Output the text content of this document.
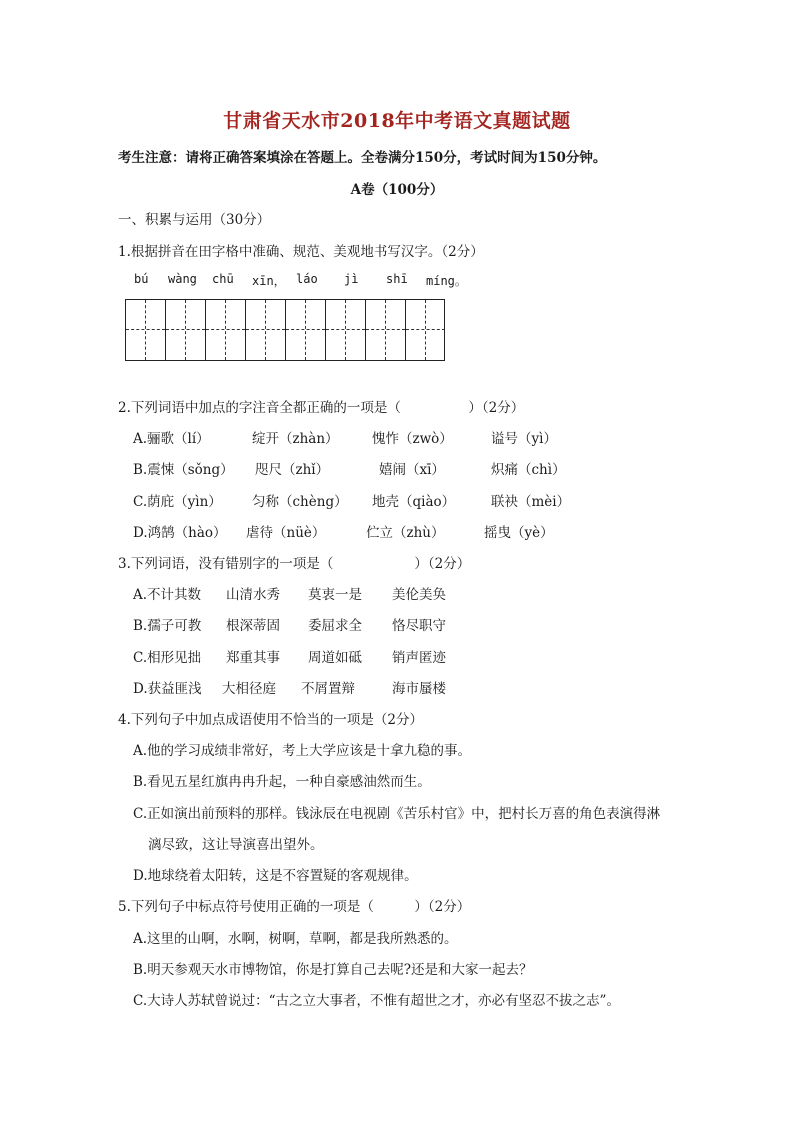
甘肃省天水市2018年中考语文真题试题
考生注意：请将正确答案填涂在答题上。全卷满分150分，考试时间为150分钟。
A卷（100分）
一、积累与运用（30分）
1.根据拼音在田字格中准确、规范、美观地书写汉字。（2分）
bú wàng chū xīn， láo jì shī míng。
2.下列词语中加点的字注音全都正确的一项是（　　　　　）（2分）
A.骊歌（lí）	绽开（zhàn） 愧怍（zwò）	谥号（yì）
B.震悚（sǒng） 咫尺（zhǐ）	嬉闹（xī）	炽痛（chì）
C.荫庇（yìn） 匀称（chèng） 地壳（qiào）	联袂（mèi）
D.鸿鹄（hào） 虐待（nüè）	伫立（zhù）	摇曳（yè）
3.下列词语，没有错别字的一项是（　　　　　　）（2分）
A.不计其数 山清水秀 莫衷一是 美伦美奂
B.孺子可教 根深蒂固 委屈求全 恪尽职守
C.相形见拙 郑重其事 周道如砥 销声匿迹
D.获益匪浅 大相径庭 不屑置辩	海市蜃楼
4.下列句子中加点成语使用不恰当的一项是（2分）
A.他的学习成绩非常好，考上大学应该是十拿九稳的事。
B.看见五星红旗冉冉升起，一种自豪感油然而生。
C.正如演出前预料的那样。钱泳辰在电视剧《苦乐村官》中，把村长万喜的角色表演得淋
漓尽致，这让导演喜出望外。
D.地球绕着太阳转，这是不容置疑的客观规律。
5.下列句子中标点符号使用正确的一项是（　　　）（2分）
A.这里的山啊，水啊，树啊，草啊，都是我所熟悉的。
B.明天参观天水市博物馆，你是打算自己去呢?还是和大家一起去？
C.大诗人苏轼曾说过：“古之立大事者，不惟有超世之才，亦必有坚忍不拔之志”。
